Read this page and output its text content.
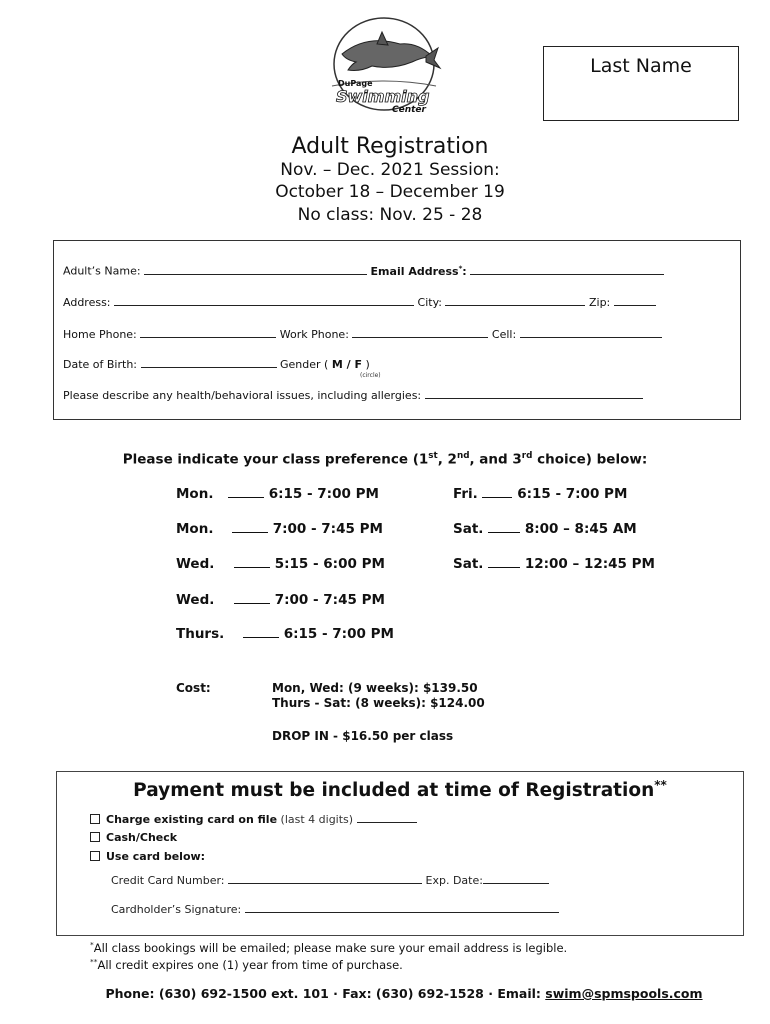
DuPage
Swimming
Center
Last Name
Adult Registration
Nov. – Dec. 2021 Session:
October 18 – December 19
No class: Nov. 25 - 28
Adult’s Name:	Email Address*:
Address:	City:	Zip:
Home Phone:	Work Phone:	Cell:
Date of Birth:	Gender ( M / F )
(circle)
Please describe any health/behavioral issues, including allergies:
Please indicate your class preference (1st, 2nd, and 3rd choice) below:
Mon.	6:15 - 7:00 PM
Mon.	7:00 - 7:45 PM
Wed.	5:15 - 6:00 PM
Wed.	7:00 - 7:45 PM
Thurs.	6:15 - 7:00 PM
Fri.	6:15 - 7:00 PM
Sat.	8:00 – 8:45 AM
Sat.	12:00 – 12:45 PM
Cost:	Mon, Wed: (9 weeks): $139.50
Thurs - Sat: (8 weeks): $124.00
DROP IN - $16.50 per class
Payment must be included at time of Registration**
Charge existing card on file (last 4 digits)
Cash/Check
Use card below:
Credit Card Number:	Exp. Date:
Cardholder’s Signature:
*All class bookings will be emailed; please make sure your email address is legible.
**All credit expires one (1) year from time of purchase.
Phone: (630) 692-1500 ext. 101 · Fax: (630) 692-1528 · Email: swim@spmspools.com
